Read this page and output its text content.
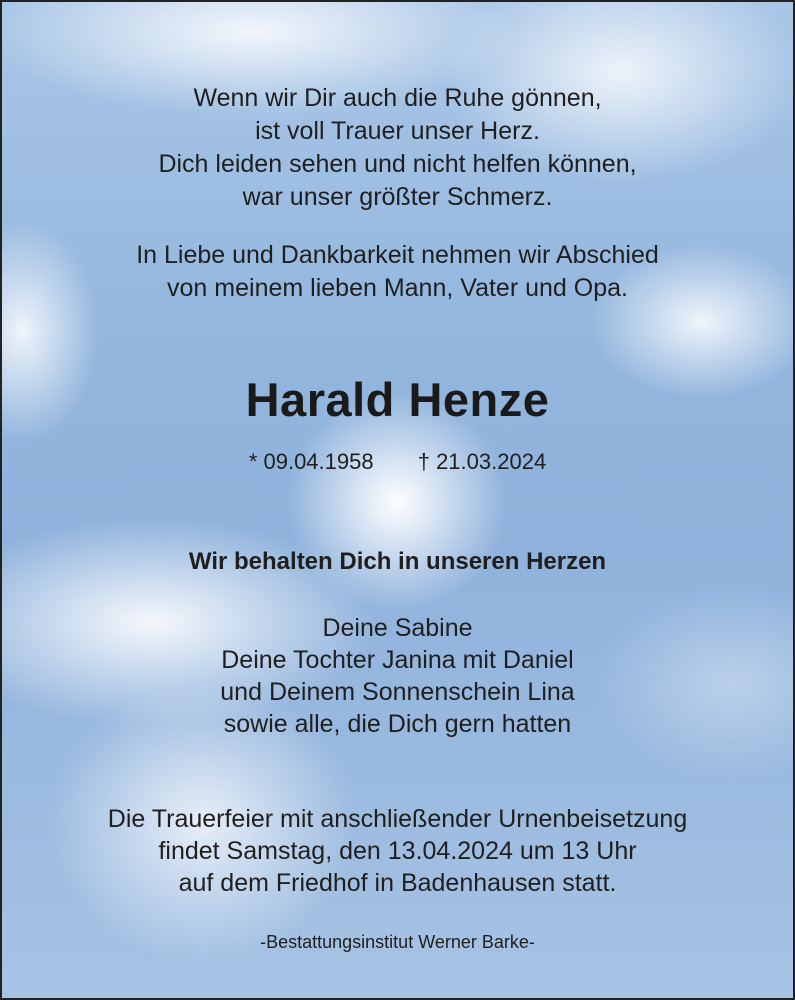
Wenn wir Dir auch die Ruhe gönnen,
ist voll Trauer unser Herz.
Dich leiden sehen und nicht helfen können,
war unser größter Schmerz.
In Liebe und Dankbarkeit nehmen wir Abschied
von meinem lieben Mann, Vater und Opa.
Harald Henze
* 09.04.1958 † 21.03.2024
Wir behalten Dich in unseren Herzen
Deine Sabine
Deine Tochter Janina mit Daniel
und Deinem Sonnenschein Lina
sowie alle, die Dich gern hatten
Die Trauerfeier mit anschließender Urnenbeisetzung
findet Samstag, den 13.04.2024 um 13 Uhr
auf dem Friedhof in Badenhausen statt.
-Bestattungsinstitut Werner Barke-
